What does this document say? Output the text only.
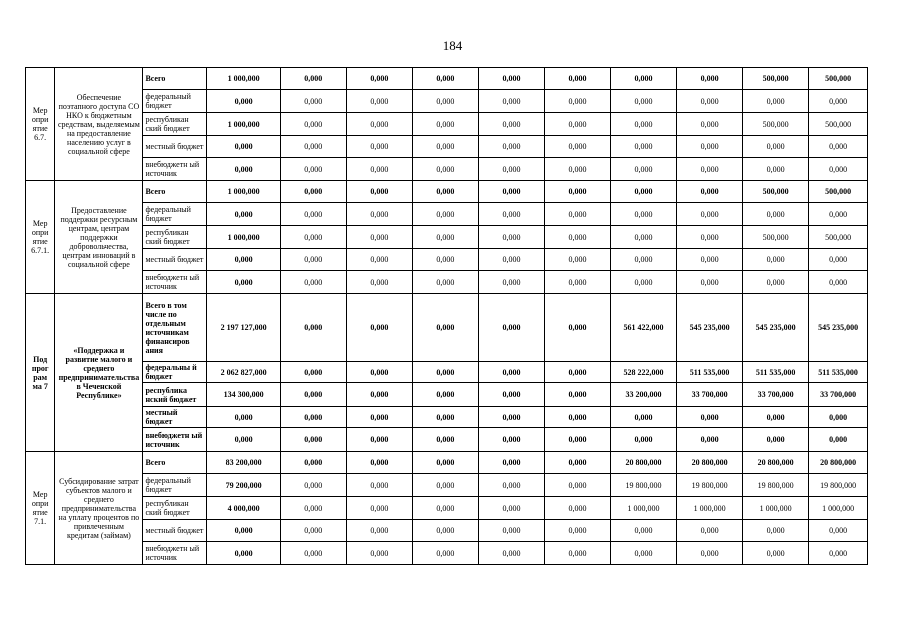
184
Мер
опри
ятие
6.7.	Обеспечение поэтапного доступа СО НКО к бюджетным средствам, выделяемым на предоставление населению услуг в социальной сфере	Всего	1 000,000	0,000	0,000	0,000	0,000	0,000	0,000	0,000	500,000	500,000
		федеральный бюджет	0,000	0,000	0,000	0,000	0,000	0,000	0,000	0,000	0,000	0,000
		республикан ский бюджет	1 000,000	0,000	0,000	0,000	0,000	0,000	0,000	0,000	500,000	500,000
		местный бюджет	0,000	0,000	0,000	0,000	0,000	0,000	0,000	0,000	0,000	0,000
		внебюджетн ый источник	0,000	0,000	0,000	0,000	0,000	0,000	0,000	0,000	0,000	0,000
Мер
опри
ятие
6.7.1.	Предоставление поддержки ресурсным центрам, центрам поддержки добровольчества, центрам инноваций в социальной сфере	Всего	1 000,000	0,000	0,000	0,000	0,000	0,000	0,000	0,000	500,000	500,000
		федеральный бюджет	0,000	0,000	0,000	0,000	0,000	0,000	0,000	0,000	0,000	0,000
		республикан ский бюджет	1 000,000	0,000	0,000	0,000	0,000	0,000	0,000	0,000	500,000	500,000
		местный бюджет	0,000	0,000	0,000	0,000	0,000	0,000	0,000	0,000	0,000	0,000
		внебюджетн ый источник	0,000	0,000	0,000	0,000	0,000	0,000	0,000	0,000	0,000	0,000
Под
прог
рам
ма 7	«Поддержка и развитие малого и среднего предпринимательства в Чеченской Республике»	Всего в том числе по отдельным источникам финансиров ания	2 197 127,000	0,000	0,000	0,000	0,000	0,000	561 422,000	545 235,000	545 235,000	545 235,000
		федеральны й бюджет	2 062 827,000	0,000	0,000	0,000	0,000	0,000	528 222,000	511 535,000	511 535,000	511 535,000
		республика нский бюджет	134 300,000	0,000	0,000	0,000	0,000	0,000	33 200,000	33 700,000	33 700,000	33 700,000
		местный бюджет	0,000	0,000	0,000	0,000	0,000	0,000	0,000	0,000	0,000	0,000
		внебюджетн ый источник	0,000	0,000	0,000	0,000	0,000	0,000	0,000	0,000	0,000	0,000
Мер
опри
ятие
7.1.	Субсидирование затрат субъектов малого и среднего предпринимательства на уплату процентов по привлеченным кредитам (займам)	Всего	83 200,000	0,000	0,000	0,000	0,000	0,000	20 800,000	20 800,000	20 800,000	20 800,000
		федеральный бюджет	79 200,000	0,000	0,000	0,000	0,000	0,000	19 800,000	19 800,000	19 800,000	19 800,000
		республикан ский бюджет	4 000,000	0,000	0,000	0,000	0,000	0,000	1 000,000	1 000,000	1 000,000	1 000,000
		местный бюджет	0,000	0,000	0,000	0,000	0,000	0,000	0,000	0,000	0,000	0,000
		внебюджетн ый источник	0,000	0,000	0,000	0,000	0,000	0,000	0,000	0,000	0,000	0,000
